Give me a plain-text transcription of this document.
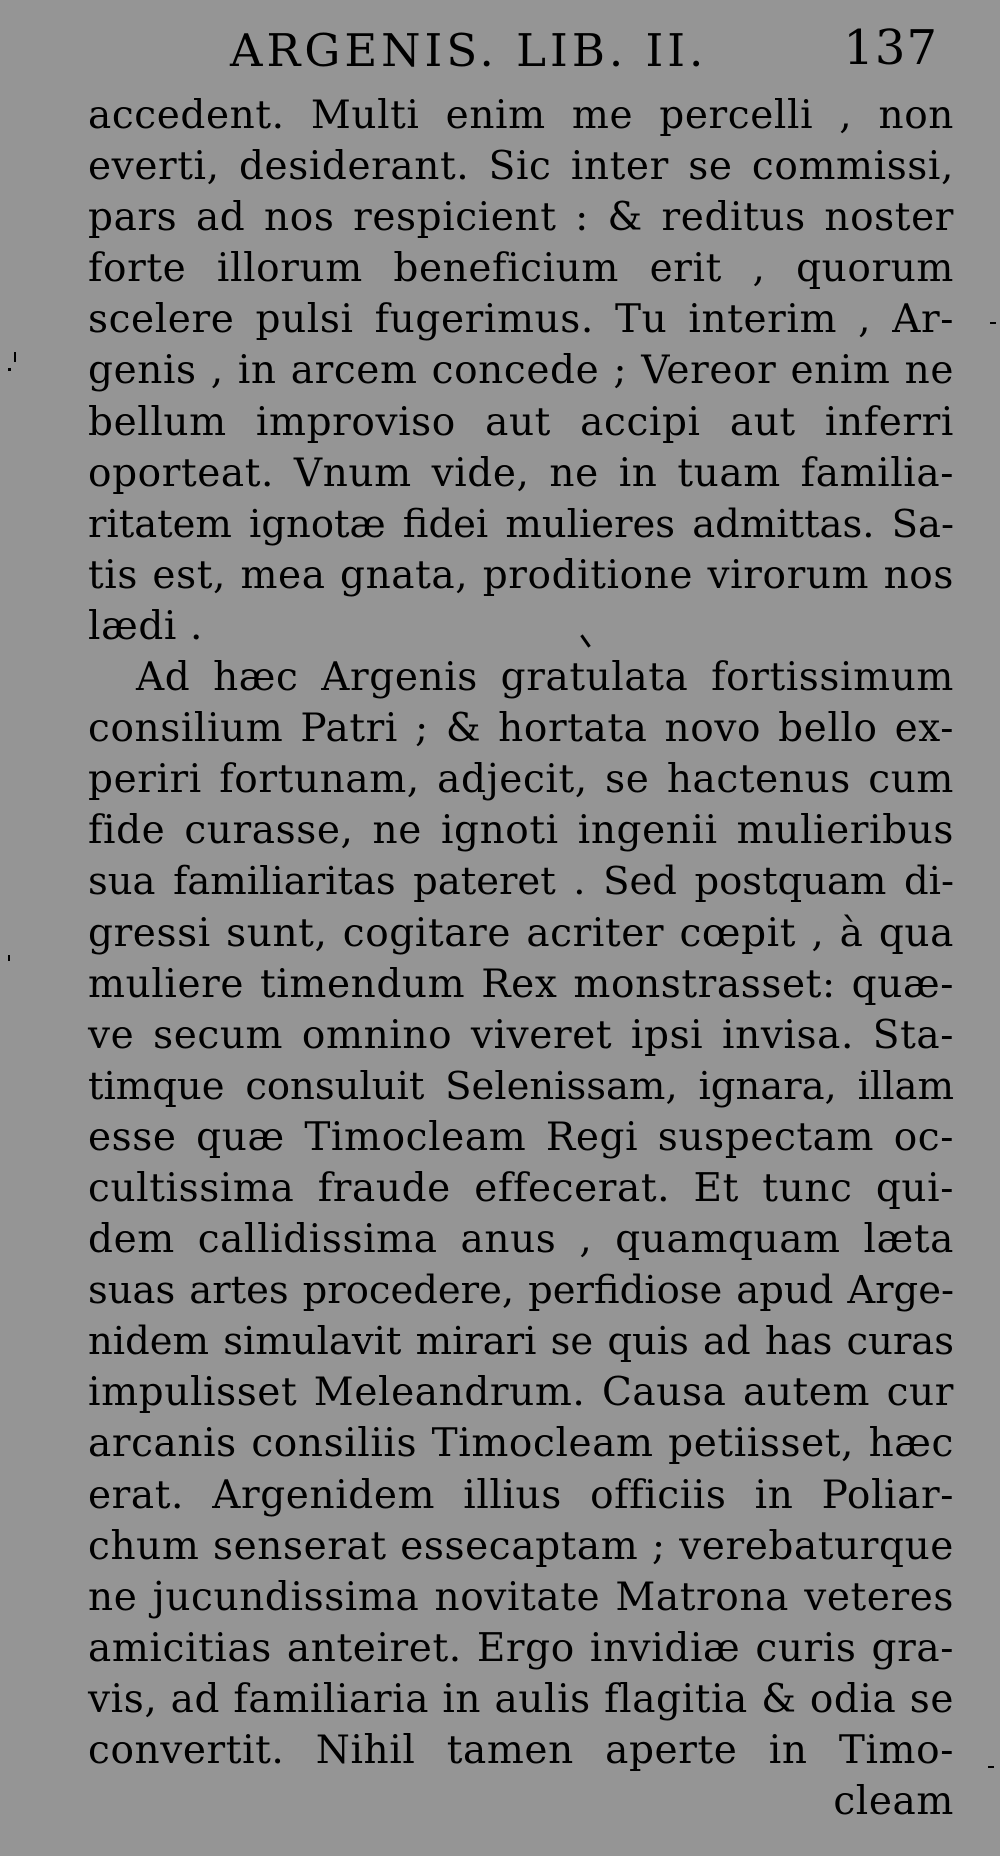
ARGENIS. LIB. II.	137
accedent. Multi enim me percelli , non
everti, desiderant. Sic inter se commissi,
pars ad nos respicient : & reditus noster
forte illorum beneficium erit , quorum
scelere pulsi fugerimus. Tu interim , Ar-
genis , in arcem concede ; Vereor enim ne
bellum improviso aut accipi aut inferri
oporteat. Vnum vide, ne in tuam familia-
ritatem ignotæ fidei mulieres admittas. Sa-
tis est, mea gnata, proditione virorum nos
lædi .
Ad hæc Argenis gratulata fortissimum
consilium Patri ; & hortata novo bello ex-
periri fortunam, adjecit, se hactenus cum
fide curasse, ne ignoti ingenii mulieribus
sua familiaritas pateret . Sed postquam di-
gressi sunt, cogitare acriter cœpit , à qua
muliere timendum Rex monstrasset: quæ-
ve secum omnino viveret ipsi invisa. Sta-
timque consuluit Selenissam, ignara, illam
esse quæ Timocleam Regi suspectam oc-
cultissima fraude effecerat. Et tunc qui-
dem callidissima anus , quamquam læta
suas artes procedere, perfidiose apud Arge-
nidem simulavit mirari se quis ad has curas
impulisset Meleandrum. Causa autem cur
arcanis consiliis Timocleam petiisset, hæc
erat. Argenidem illius officiis in Poliar-
chum senserat essecaptam ; verebaturque
ne jucundissima novitate Matrona veteres
amicitias anteiret. Ergo invidiæ curis gra-
vis, ad familiaria in aulis flagitia & odia se
convertit. Nihil tamen aperte in Timo-
cleam
